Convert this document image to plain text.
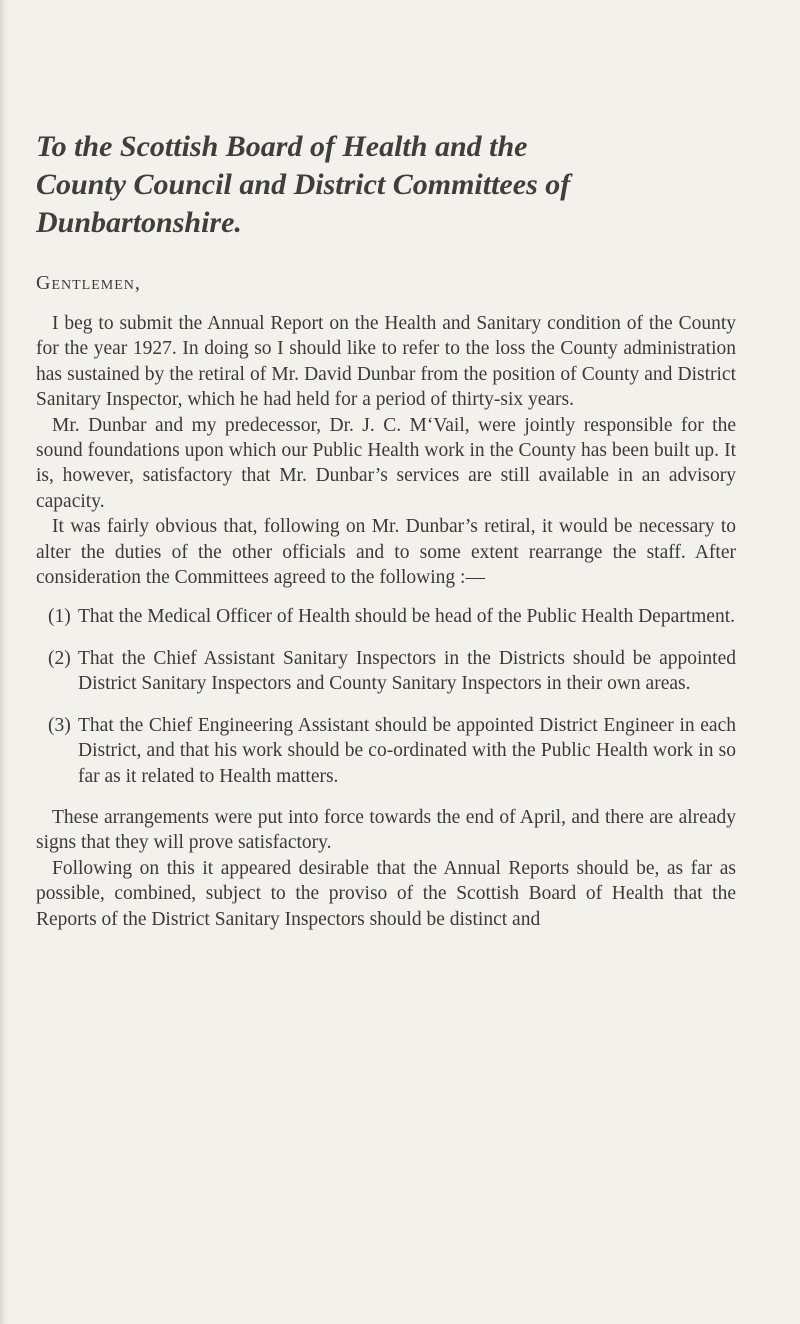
To the Scottish Board of Health and the
County Council and District Committees of
Dunbartonshire.

Gentlemen,

I beg to submit the Annual Report on the Health and Sanitary condition of the County for the year 1927. In doing so I should like to refer to the loss the County administration has sustained by the retiral of Mr. David Dunbar from the position of County and District Sanitary Inspector, which he had held for a period of thirty-six years.

Mr. Dunbar and my predecessor, Dr. J. C. M‘Vail, were jointly responsible for the sound foundations upon which our Public Health work in the County has been built up. It is, however, satisfactory that Mr. Dunbar’s services are still available in an advisory capacity.

It was fairly obvious that, following on Mr. Dunbar’s retiral, it would be necessary to alter the duties of the other officials and to some extent rearrange the staff. After consideration the Committees agreed to the following :—

(1) That the Medical Officer of Health should be head of the Public Health Department.
(2) That the Chief Assistant Sanitary Inspectors in the Districts should be appointed District Sanitary Inspectors and County Sanitary Inspectors in their own areas.
(3) That the Chief Engineering Assistant should be appointed District Engineer in each District, and that his work should be co-ordinated with the Public Health work in so far as it related to Health matters.

These arrangements were put into force towards the end of April, and there are already signs that they will prove satisfactory.

Following on this it appeared desirable that the Annual Reports should be, as far as possible, combined, subject to the proviso of the Scottish Board of Health that the Reports of the District Sanitary Inspectors should be distinct and
